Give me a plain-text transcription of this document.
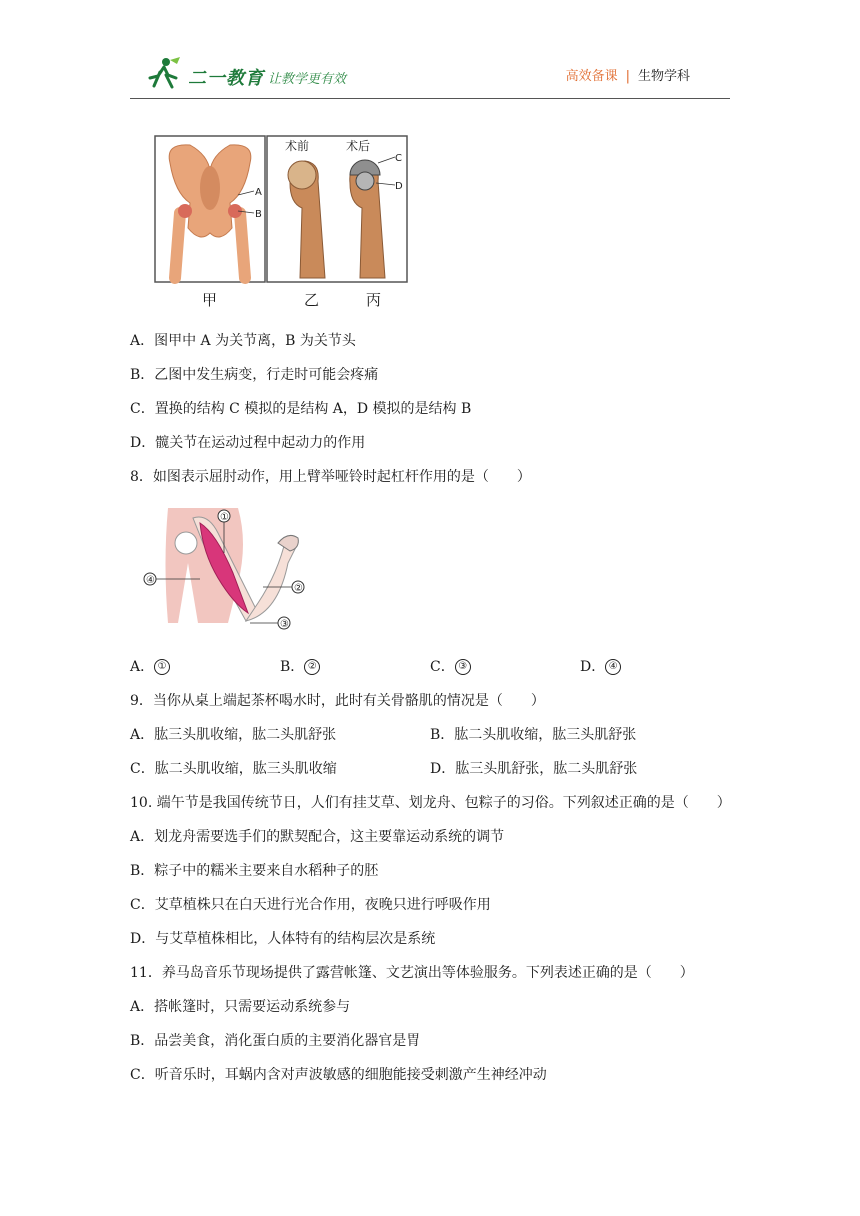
二一教育 让教学更有效	高效备课 | 生物学科
A
B
术前	术后
C
D
甲	乙	丙
A．图甲中 A 为关节离，B 为关节头
B．乙图中发生病变，行走时可能会疼痛
C．置换的结构 C 模拟的是结构 A，D 模拟的是结构 B
D．髋关节在运动过程中起动力的作用
8．如图表示屈肘动作，用上臂举哑铃时起杠杆作用的是（　　）
①
②
③
④
A． ①	B． ②	C． ③	D． ④
9．当你从桌上端起茶杯喝水时，此时有关骨骼肌的情况是（　　）
A．肱三头肌收缩，肱二头肌舒张	B．肱二头肌收缩，肱三头肌舒张
C．肱二头肌收缩，肱三头肌收缩	D．肱三头肌舒张，肱二头肌舒张
10. 端午节是我国传统节日，人们有挂艾草、划龙舟、包粽子的习俗。下列叙述正确的是（　　）
A．划龙舟需要选手们的默契配合，这主要靠运动系统的调节
B．粽子中的糯米主要来自水稻种子的胚
C．艾草植株只在白天进行光合作用，夜晚只进行呼吸作用
D．与艾草植株相比，人体特有的结构层次是系统
11．养马岛音乐节现场提供了露营帐篷、文艺演出等体验服务。下列表述正确的是（　　）
A．搭帐篷时，只需要运动系统参与
B．品尝美食，消化蛋白质的主要消化器官是胃
C．听音乐时，耳蜗内含对声波敏感的细胞能接受刺激产生神经冲动
